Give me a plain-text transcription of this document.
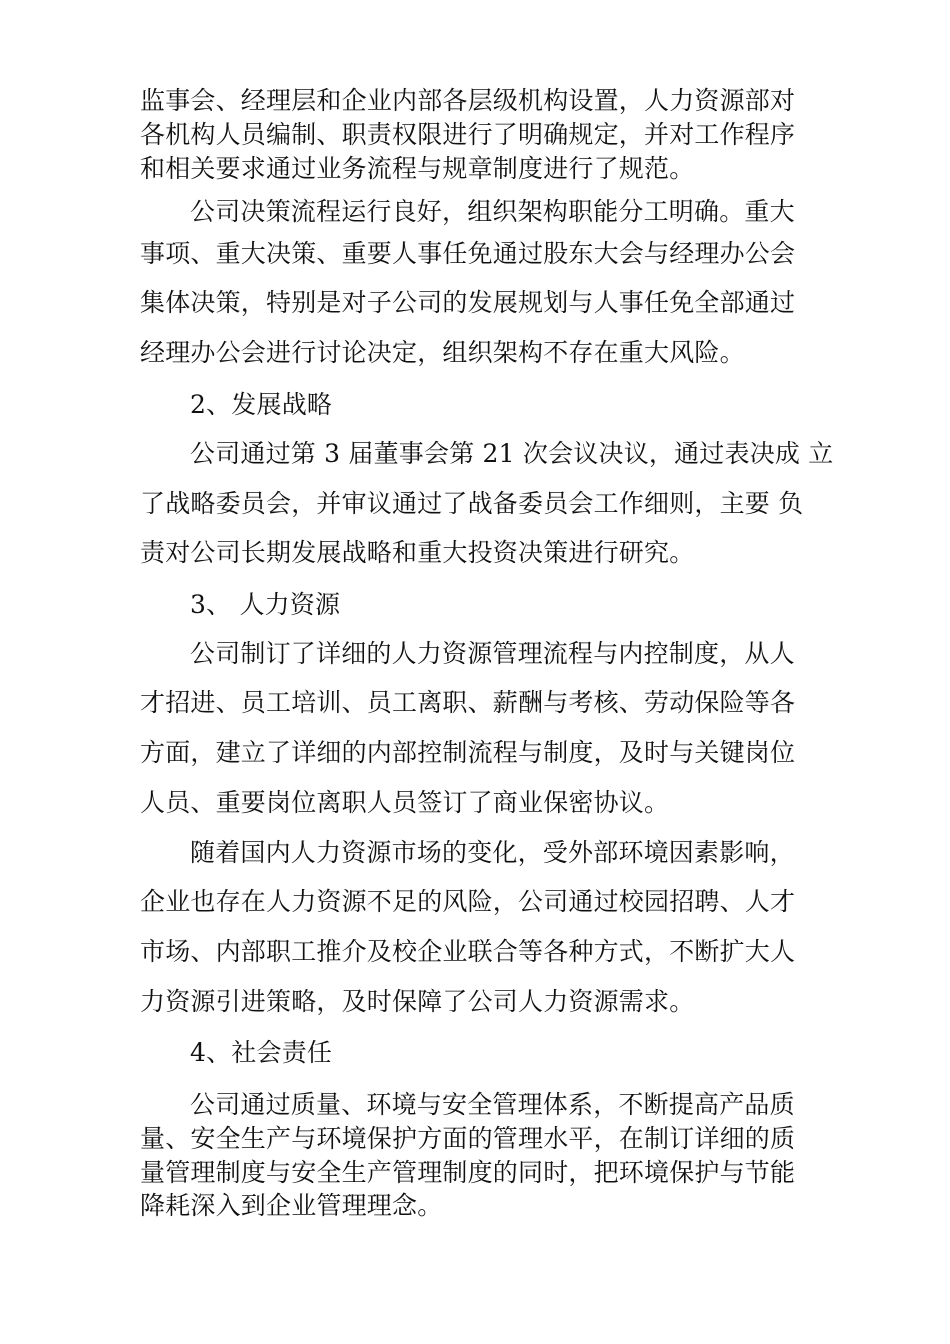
监事会、经理层和企业内部各层级机构设置，人力资源部对
各机构人员编制、职责权限进行了明确规定，并对工作程序
和相关要求通过业务流程与规章制度进行了规范。
公司决策流程运行良好，组织架构职能分工明确。重大
事项、重大决策、重要人事任免通过股东大会与经理办公会
集体决策，特别是对子公司的发展规划与人事任免全部通过
经理办公会进行讨论决定，组织架构不存在重大风险。
2、发展战略
公司通过第 3 届董事会第 21 次会议决议，通过表决成 立
了战略委员会，并审议通过了战备委员会工作细则，主要 负
责对公司长期发展战略和重大投资决策进行研究。
3、 人力资源
公司制订了详细的人力资源管理流程与内控制度，从人
才招进、员工培训、员工离职、薪酬与考核、劳动保险等各
方面，建立了详细的内部控制流程与制度，及时与关键岗位
人员、重要岗位离职人员签订了商业保密协议。
随着国内人力资源市场的变化，受外部环境因素影响，
企业也存在人力资源不足的风险，公司通过校园招聘、人才
市场、内部职工推介及校企业联合等各种方式，不断扩大人
力资源引进策略，及时保障了公司人力资源需求。
4、社会责任
公司通过质量、环境与安全管理体系，不断提高产品质
量、安全生产与环境保护方面的管理水平，在制订详细的质
量管理制度与安全生产管理制度的同时，把环境保护与节能
降耗深入到企业管理理念。
